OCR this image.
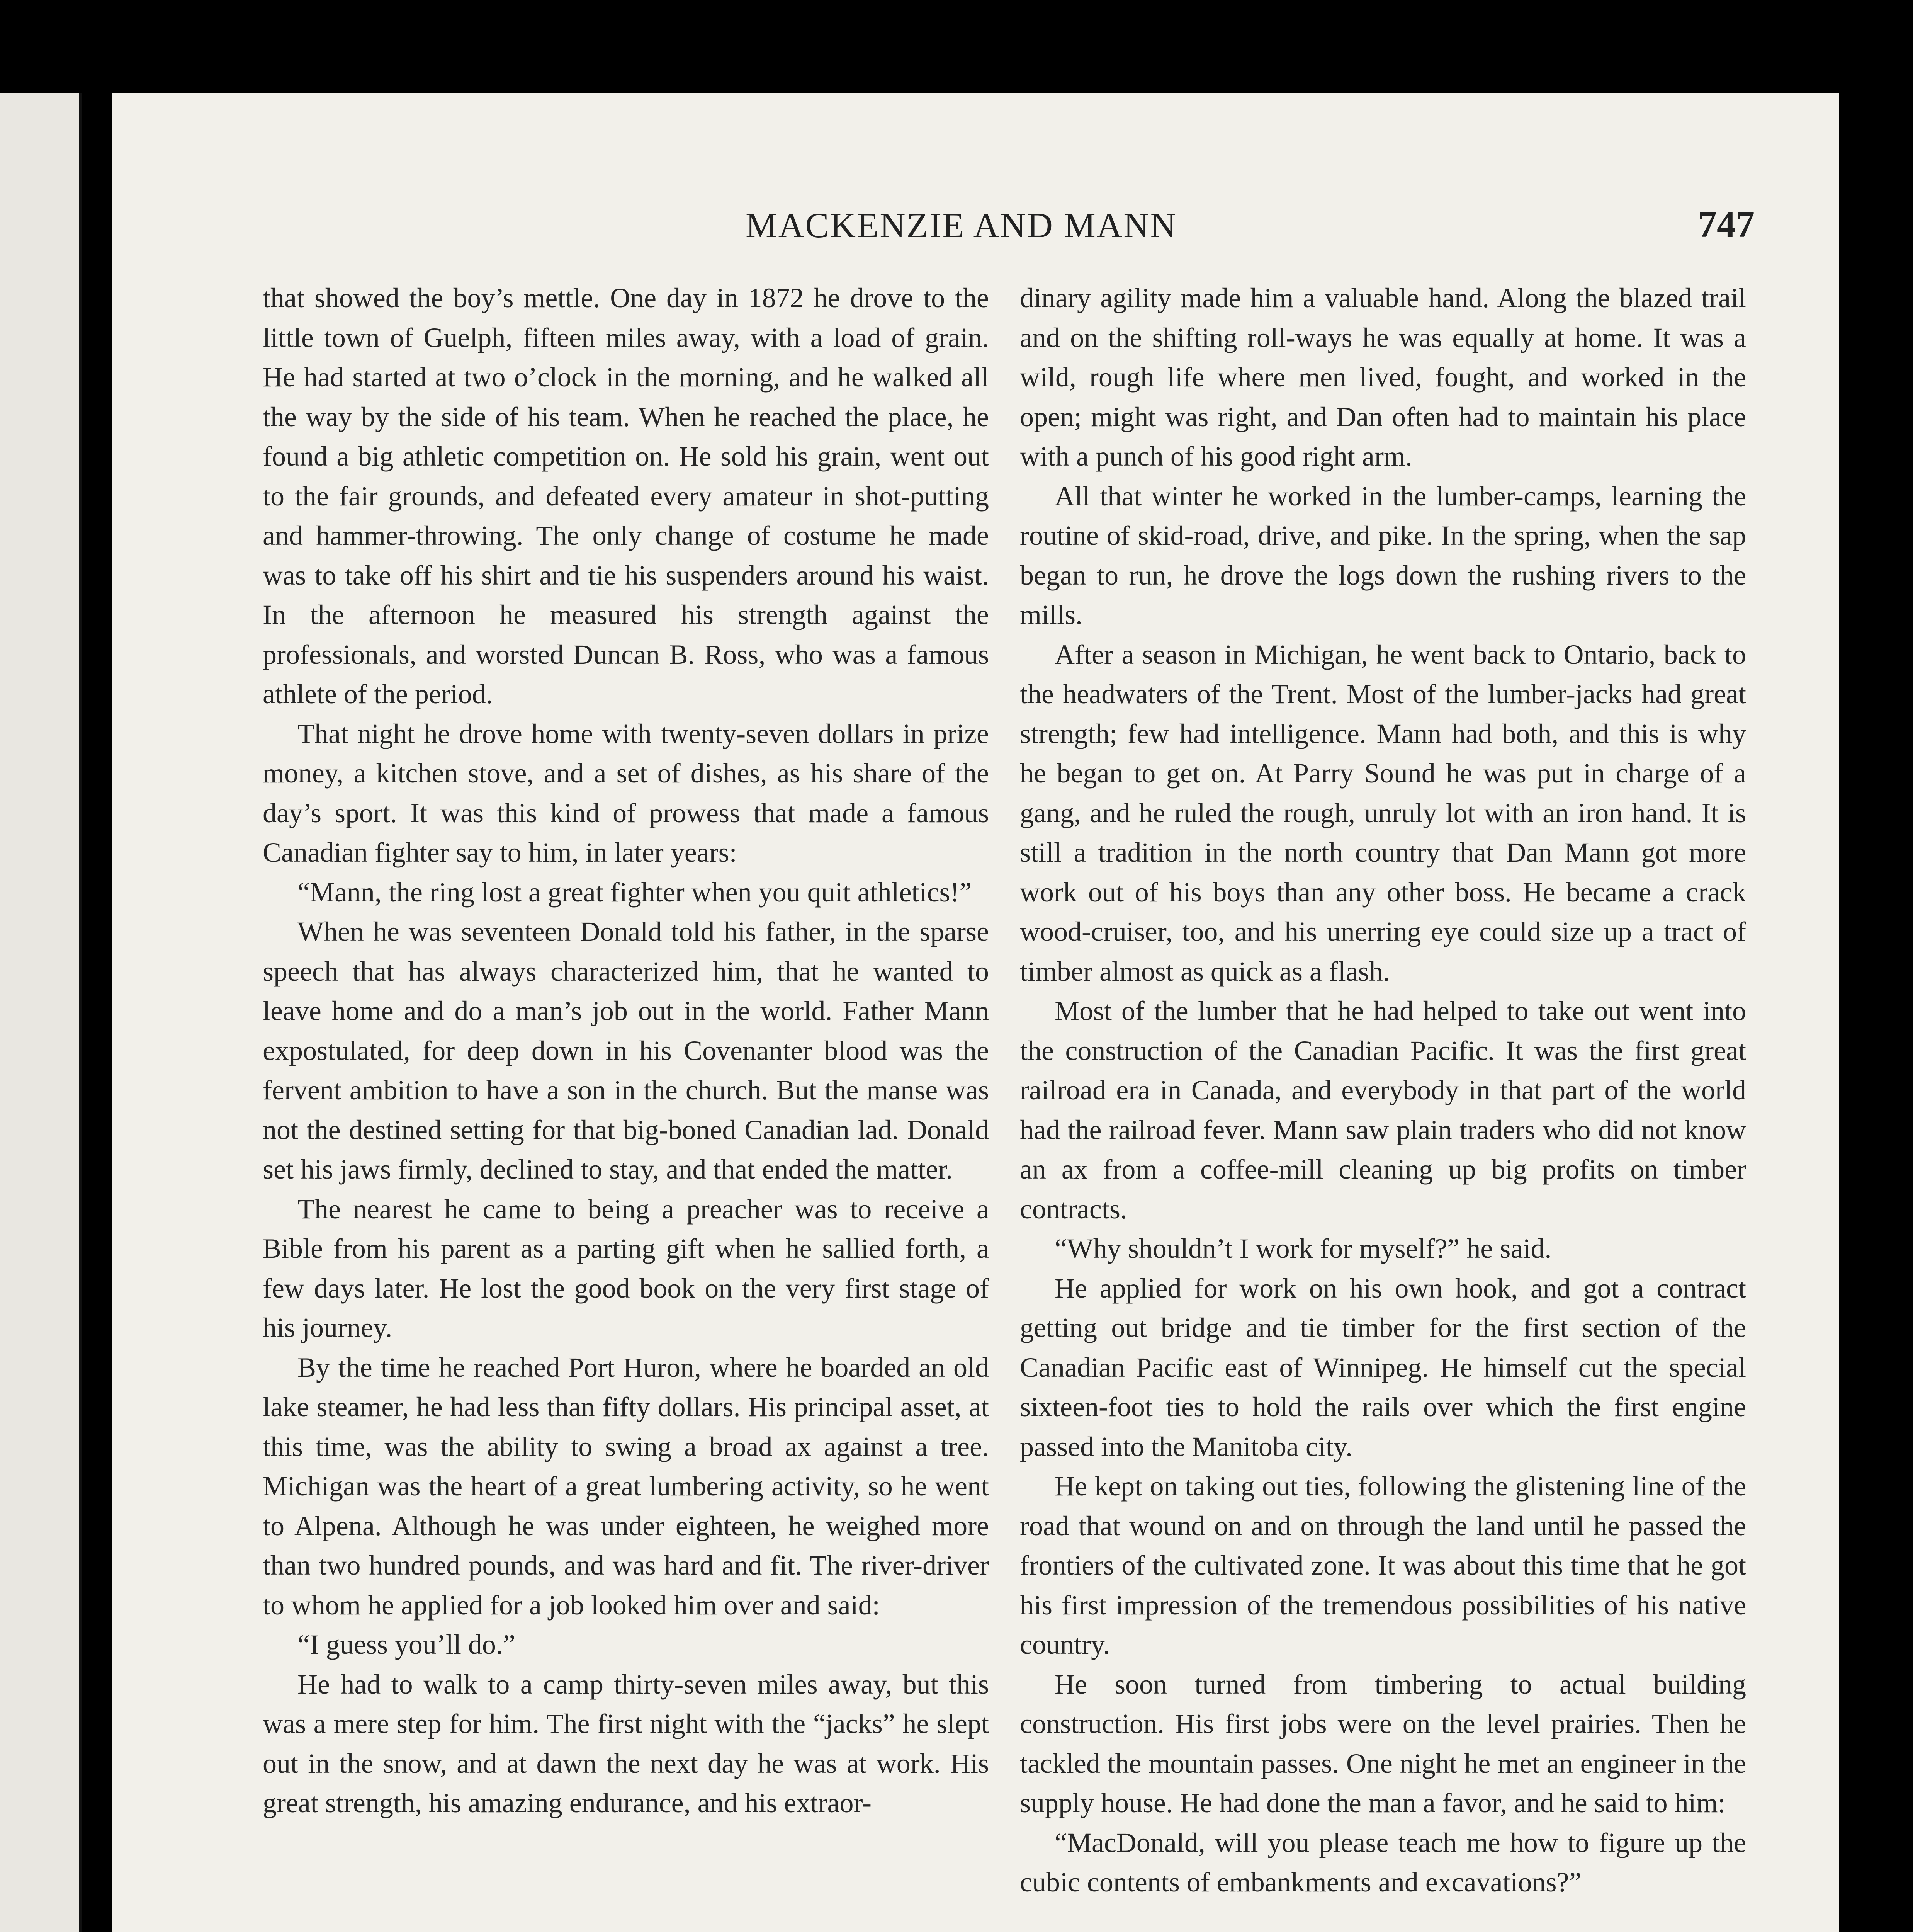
MACKENZIE AND MANN	747

that showed the boy’s mettle. One day in 1872 he drove to the little town of Guelph, fifteen miles away, with a load of grain. He had started at two o’clock in the morning, and he walked all the way by the side of his team. When he reached the place, he found a big athletic competition on. He sold his grain, went out to the fair grounds, and defeated every amateur in shot-putting and hammer-throwing. The only change of costume he made was to take off his shirt and tie his suspenders around his waist. In the afternoon he measured his strength against the professionals, and worsted Duncan B. Ross, who was a famous athlete of the period.

That night he drove home with twenty-seven dollars in prize money, a kitchen stove, and a set of dishes, as his share of the day’s sport. It was this kind of prowess that made a famous Canadian fighter say to him, in later years:

“Mann, the ring lost a great fighter when you quit athletics!”

When he was seventeen Donald told his father, in the sparse speech that has always characterized him, that he wanted to leave home and do a man’s job out in the world. Father Mann expostulated, for deep down in his Covenanter blood was the fervent ambition to have a son in the church. But the manse was not the destined setting for that big-boned Canadian lad. Donald set his jaws firmly, declined to stay, and that ended the matter.

The nearest he came to being a preacher was to receive a Bible from his parent as a parting gift when he sallied forth, a few days later. He lost the good book on the very first stage of his journey.

By the time he reached Port Huron, where he boarded an old lake steamer, he had less than fifty dollars. His principal asset, at this time, was the ability to swing a broad ax against a tree. Michigan was the heart of a great lumbering activity, so he went to Alpena. Although he was under eighteen, he weighed more than two hundred pounds, and was hard and fit. The river-driver to whom he applied for a job looked him over and said:

“I guess you’ll do.”

He had to walk to a camp thirty-seven miles away, but this was a mere step for him. The first night with the “jacks” he slept out in the snow, and at dawn the next day he was at work. His great strength, his amazing endurance, and his extraor-

dinary agility made him a valuable hand. Along the blazed trail and on the shifting roll-ways he was equally at home. It was a wild, rough life where men lived, fought, and worked in the open; might was right, and Dan often had to maintain his place with a punch of his good right arm.

All that winter he worked in the lumber-camps, learning the routine of skid-road, drive, and pike. In the spring, when the sap began to run, he drove the logs down the rushing rivers to the mills.

After a season in Michigan, he went back to Ontario, back to the headwaters of the Trent. Most of the lumber-jacks had great strength; few had intelligence. Mann had both, and this is why he began to get on. At Parry Sound he was put in charge of a gang, and he ruled the rough, unruly lot with an iron hand. It is still a tradition in the north country that Dan Mann got more work out of his boys than any other boss. He became a crack wood-cruiser, too, and his unerring eye could size up a tract of timber almost as quick as a flash.

Most of the lumber that he had helped to take out went into the construction of the Canadian Pacific. It was the first great railroad era in Canada, and everybody in that part of the world had the railroad fever. Mann saw plain traders who did not know an ax from a coffee-mill cleaning up big profits on timber contracts.

“Why shouldn’t I work for myself?” he said.

He applied for work on his own hook, and got a contract getting out bridge and tie timber for the first section of the Canadian Pacific east of Winnipeg. He himself cut the special sixteen-foot ties to hold the rails over which the first engine passed into the Manitoba city.

He kept on taking out ties, following the glistening line of the road that wound on and on through the land until he passed the frontiers of the cultivated zone. It was about this time that he got his first impression of the tremendous possibilities of his native country.

He soon turned from timbering to actual building construction. His first jobs were on the level prairies. Then he tackled the mountain passes. One night he met an engineer in the supply house. He had done the man a favor, and he said to him:

“MacDonald, will you please teach me how to figure up the cubic contents of embankments and excavations?”
